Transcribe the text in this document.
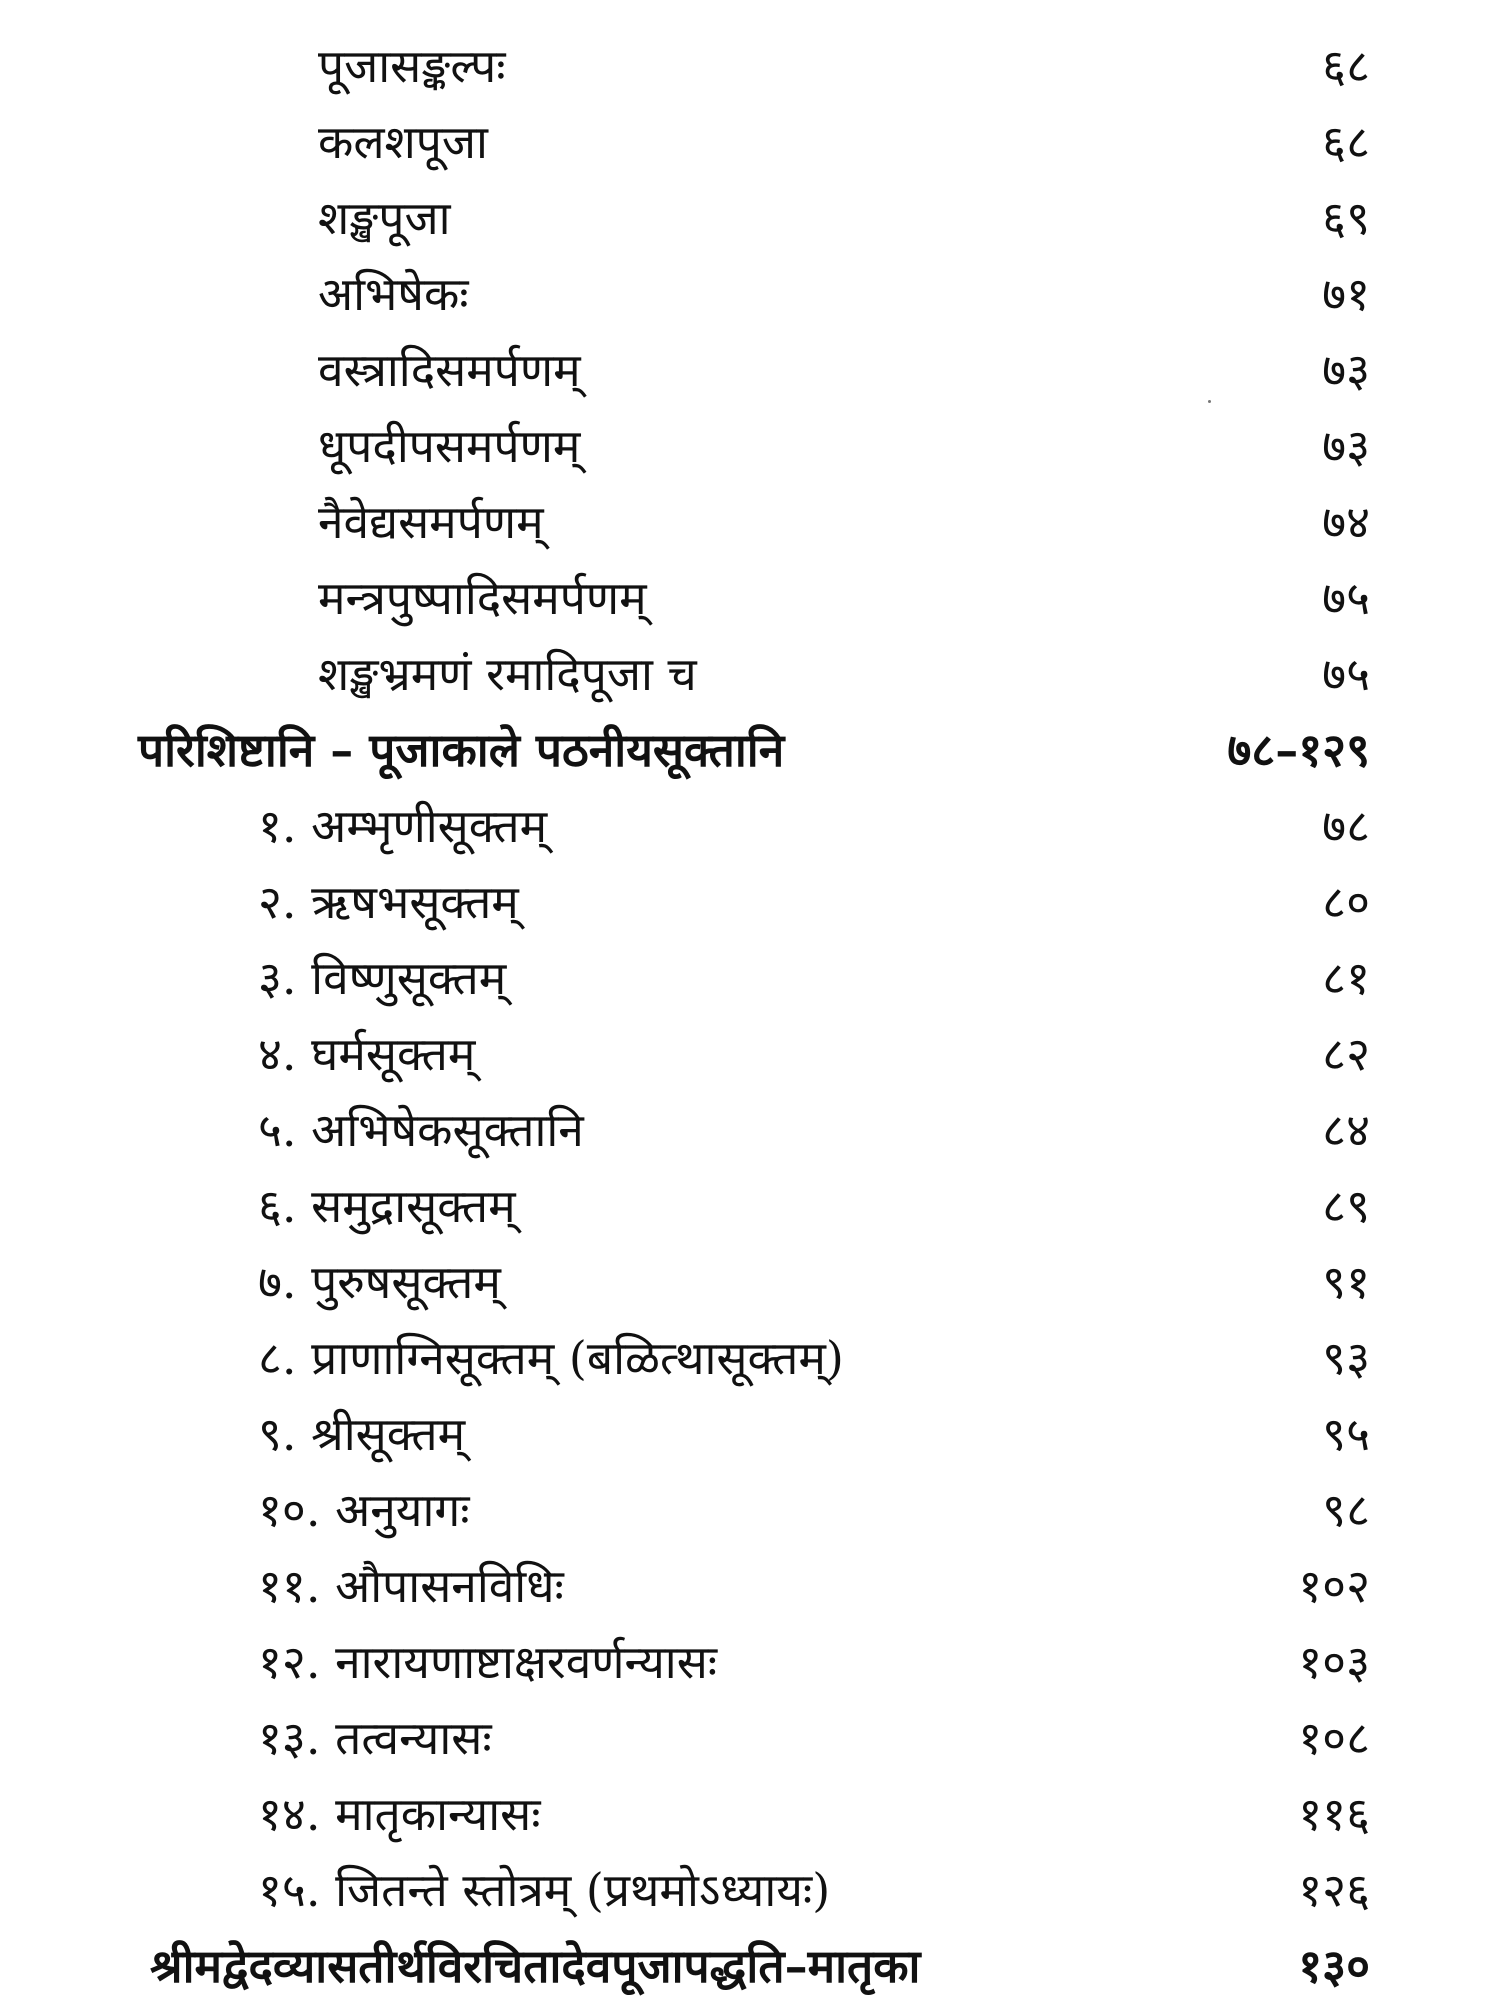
पूजासङ्कल्पः	६८
कलशपूजा	६८
शङ्खपूजा	६९
अभिषेकः	७१
वस्त्रादिसमर्पणम्	७३
धूपदीपसमर्पणम्	७३
नैवेद्यसमर्पणम्	७४
मन्त्रपुष्पादिसमर्पणम्	७५
शङ्खभ्रमणं रमादिपूजा च	७५
परिशिष्टानि – पूजाकाले पठनीयसूक्तानि	७८–१२९
१. अम्भृणीसूक्तम्	७८
२. ऋषभसूक्तम्	८०
३. विष्णुसूक्तम्	८१
४. घर्मसूक्तम्	८२
५. अभिषेकसूक्तानि	८४
६. समुद्रासूक्तम्	८९
७. पुरुषसूक्तम्	९१
८. प्राणाग्निसूक्तम् (बळित्थासूक्तम्)	९३
९. श्रीसूक्तम्	९५
१०. अनुयागः	९८
११. औपासनविधिः	१०२
१२. नारायणाष्टाक्षरवर्णन्यासः	१०३
१३. तत्वन्यासः	१०८
१४. मातृकान्यासः	११६
१५. जितन्ते स्तोत्रम् (प्रथमोऽध्यायः)	१२६
श्रीमद्वेदव्यासतीर्थविरचितादेवपूजापद्धति–मातृका	१३०
